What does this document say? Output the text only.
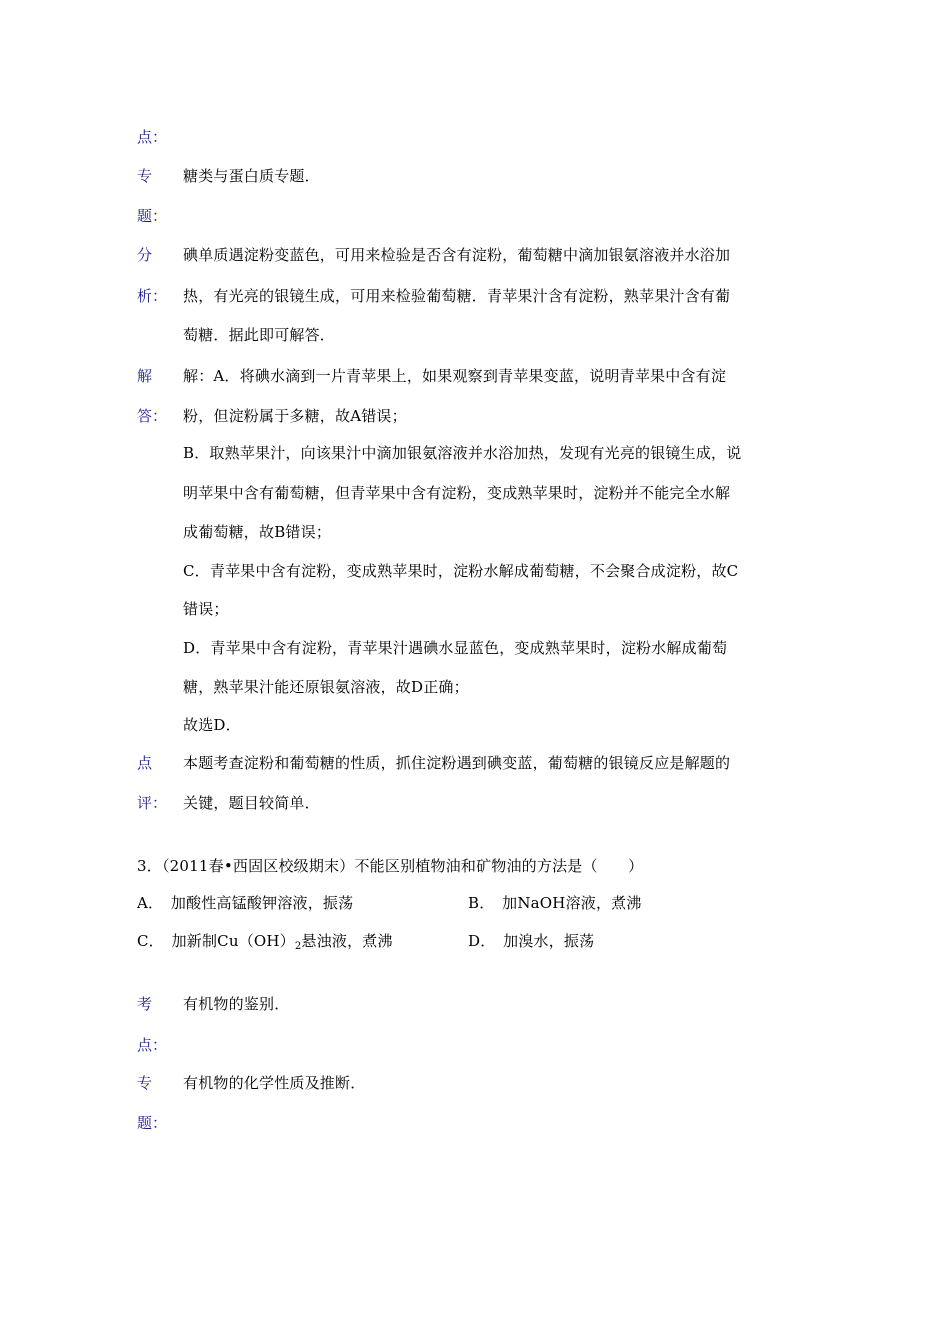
点：
专 糖类与蛋白质专题．
题：
分 碘单质遇淀粉变蓝色，可用来检验是否含有淀粉，葡萄糖中滴加银氨溶液并水浴加
析： 热，有光亮的银镜生成，可用来检验葡萄糖．青苹果汁含有淀粉，熟苹果汁含有葡
萄糖．据此即可解答．
解 解：A．将碘水滴到一片青苹果上，如果观察到青苹果变蓝，说明青苹果中含有淀
答： 粉，但淀粉属于多糖，故A错误；
B．取熟苹果汁，向该果汁中滴加银氨溶液并水浴加热，发现有光亮的银镜生成，说
明苹果中含有葡萄糖，但青苹果中含有淀粉，变成熟苹果时，淀粉并不能完全水解
成葡萄糖，故B错误；
C．青苹果中含有淀粉，变成熟苹果时，淀粉水解成葡萄糖，不会聚合成淀粉，故C
错误；
D．青苹果中含有淀粉，青苹果汁遇碘水显蓝色，变成熟苹果时，淀粉水解成葡萄
糖，熟苹果汁能还原银氨溶液，故D正确；
故选D．
点 本题考查淀粉和葡萄糖的性质，抓住淀粉遇到碘变蓝，葡萄糖的银镜反应是解题的
评： 关键，题目较简单．
3．（2011春•西固区校级期末）不能区别植物油和矿物油的方法是（　　）
A．　加酸性高锰酸钾溶液，振荡	B．　加NaOH溶液，煮沸
C．　加新制$Cu(OH)_2$悬浊液，煮沸	D．　加溴水，振荡
考 有机物的鉴别．
点：
专 有机物的化学性质及推断．
题：
